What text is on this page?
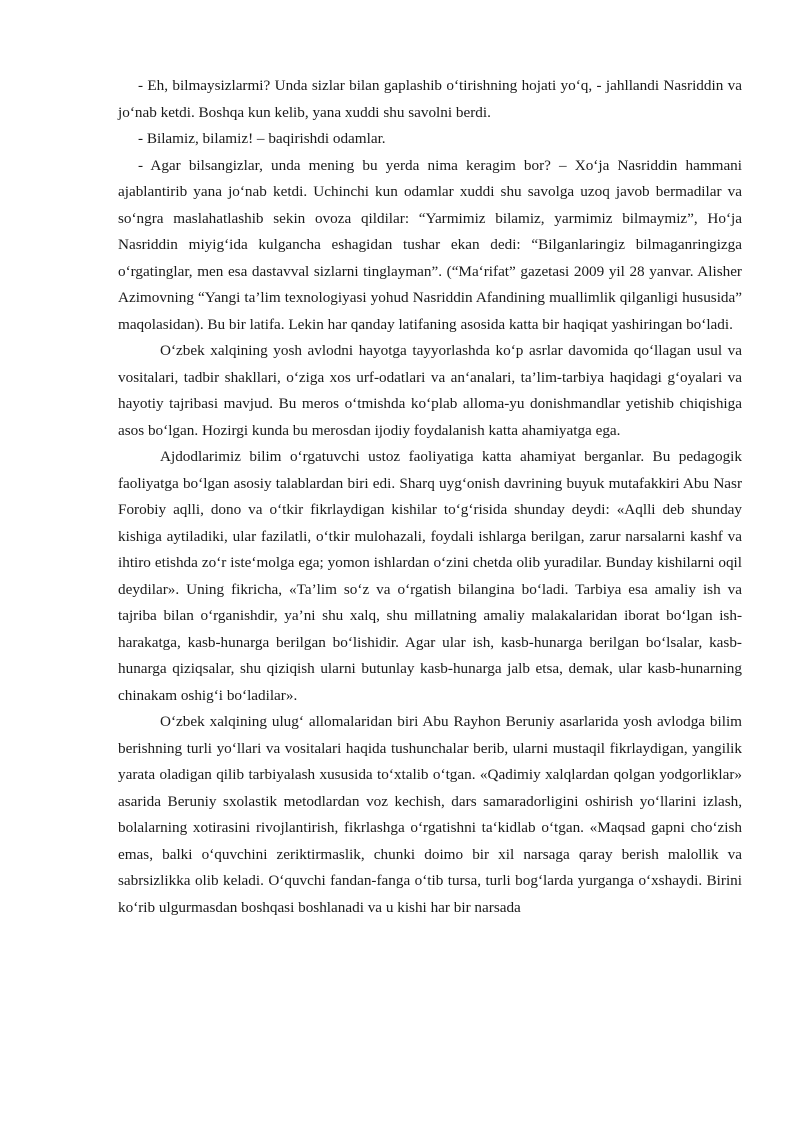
- Eh, bilmaysizlarmi? Unda sizlar bilan gaplashib o‘tirishning hojati yo‘q, - jahllandi Nasriddin va jo‘nab ketdi. Boshqa kun kelib, yana xuddi shu savolni berdi.

- Bilamiz, bilamiz! – baqirishdi odamlar.

- Agar bilsangizlar, unda mening bu yerda nima keragim bor? – Xo‘ja Nasriddin hammani ajablantirib yana jo‘nab ketdi. Uchinchi kun odamlar xuddi shu savolga uzoq javob bermadilar va so‘ngra maslahatlashib sekin ovoza qildilar: “Yarmimiz bilamiz, yarmimiz bilmaymiz”, Ho‘ja Nasriddin miyig‘ida kulgancha eshagidan tushar ekan dedi: “Bilganlaringiz bilmaganringizga o‘rgatinglar, men esa dastavval sizlarni tinglayman”. (“Ma‘rifat” gazetasi 2009 yil 28 yanvar. Alisher Azimovning “Yangi ta’lim texnologiyasi yohud Nasriddin Afandining muallimlik qilganligi hususida” maqolasidan). Bu bir latifa. Lekin har qanday latifaning asosida katta bir haqiqat yashiringan bo‘ladi.

O‘zbek xalqining yosh avlodni hayotga tayyorlashda ko‘p asrlar davomida qo‘llagan usul va vositalari, tadbir shakllari, o‘ziga xos urf-odatlari va an‘analari, ta’lim-tarbiya haqidagi g‘oyalari va hayotiy tajribasi mavjud. Bu meros o‘tmishda ko‘plab alloma-yu donishmandlar yetishib chiqishiga asos bo‘lgan. Hozirgi kunda bu merosdan ijodiy foydalanish katta ahamiyatga ega.

Ajdodlarimiz bilim o‘rgatuvchi ustoz faoliyatiga katta ahamiyat berganlar. Bu pedagogik faoliyatga bo‘lgan asosiy talablardan biri edi. Sharq uyg‘onish davrining buyuk mutafakkiri Abu Nasr Forobiy aqlli, dono va o‘tkir fikrlaydigan kishilar to‘g‘risida shunday deydi: «Aqlli deb shunday kishiga aytiladiki, ular fazilatli, o‘tkir mulohazali, foydali ishlarga berilgan, zarur narsalarni kashf va ihtiro etishda zo‘r iste‘molga ega; yomon ishlardan o‘zini chetda olib yuradilar. Bunday kishilarni oqil deydilar». Uning fikricha, «Ta’lim so‘z va o‘rgatish bilangina bo‘ladi. Tarbiya esa amaliy ish va tajriba bilan o‘rganishdir, ya’ni shu xalq, shu millatning amaliy malakalaridan iborat bo‘lgan ish-harakatga, kasb-hunarga berilgan bo‘lishidir. Agar ular ish, kasb-hunarga berilgan bo‘lsalar, kasb-hunarga qiziqsalar, shu qiziqish ularni butunlay kasb-hunarga jalb etsa, demak, ular kasb-hunarning chinakam oshig‘i bo‘ladilar».

O‘zbek xalqining ulug‘ allomalaridan biri Abu Rayhon Beruniy asarlarida yosh avlodga bilim berishning turli yo‘llari va vositalari haqida tushunchalar berib, ularni mustaqil fikrlaydigan, yangilik yarata oladigan qilib tarbiyalash xususida to‘xtalib o‘tgan. «Qadimiy xalqlardan qolgan yodgorliklar» asarida Beruniy sxolastik metodlardan voz kechish, dars samaradorligini oshirish yo‘llarini izlash, bolalarning xotirasini rivojlantirish, fikrlashga o‘rgatishni ta‘kidlab o‘tgan. «Maqsad gapni cho‘zish emas, balki o‘quvchini zeriktirmaslik, chunki doimo bir xil narsaga qaray berish malollik va sabrsizlikka olib keladi. O‘quvchi fandan-fanga o‘tib tursa, turli bog‘larda yurganga o‘xshaydi. Birini ko‘rib ulgurmasdan boshqasi boshlanadi va u kishi har bir narsada
